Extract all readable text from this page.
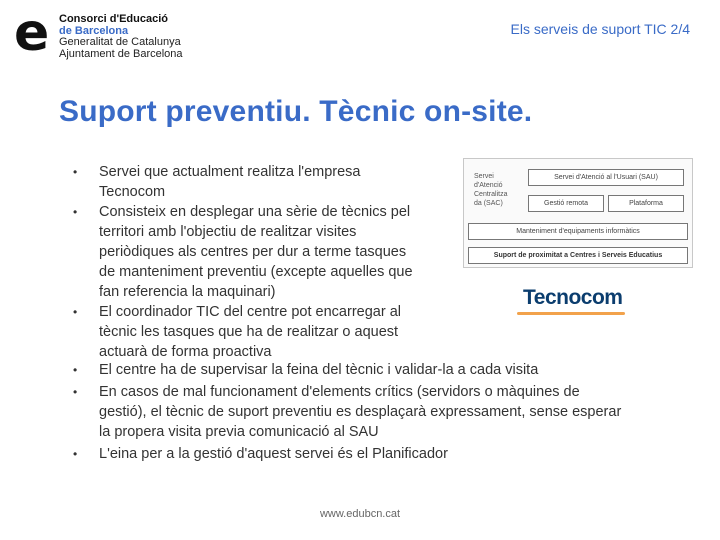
e Consorci d'Educació
de Barcelona
Generalitat de Catalunya
Ajuntament de Barcelona
Els serveis de suport TIC 2/4
Suport preventiu. Tècnic on-site.
• Servei que actualment realitza l'empresa
Tecnocom
• Consisteix en desplegar una sèrie de tècnics pel
territori amb l'objectiu de realitzar visites
periòdiques als centres per dur a terme tasques
de manteniment preventiu (excepte aquelles que
fan referencia la maquinari)
• El coordinador TIC del centre pot encarregar al
tècnic les tasques que ha de realitzar o aquest
actuarà de forma proactiva
• El centre ha de supervisar la feina del tècnic i validar-la a cada visita
• En casos de mal funcionament d'elements crítics (servidors o màquines de
gestió), el tècnic de suport preventiu es desplaçarà expressament, sense esperar
la propera visita previa comunicació al SAU
• L'eina per a la gestió d'aquest servei és el Planificador
Servei
d'Atenció
Centralitza
da (SAC)
Servei d'Atenció al l'Usuari (SAU)
Gestió remota	Plataforma
Manteniment d'equipaments informàtics
Suport de proximitat a Centres i Serveis Educatius
Tecnocom
www.edubcn.cat
